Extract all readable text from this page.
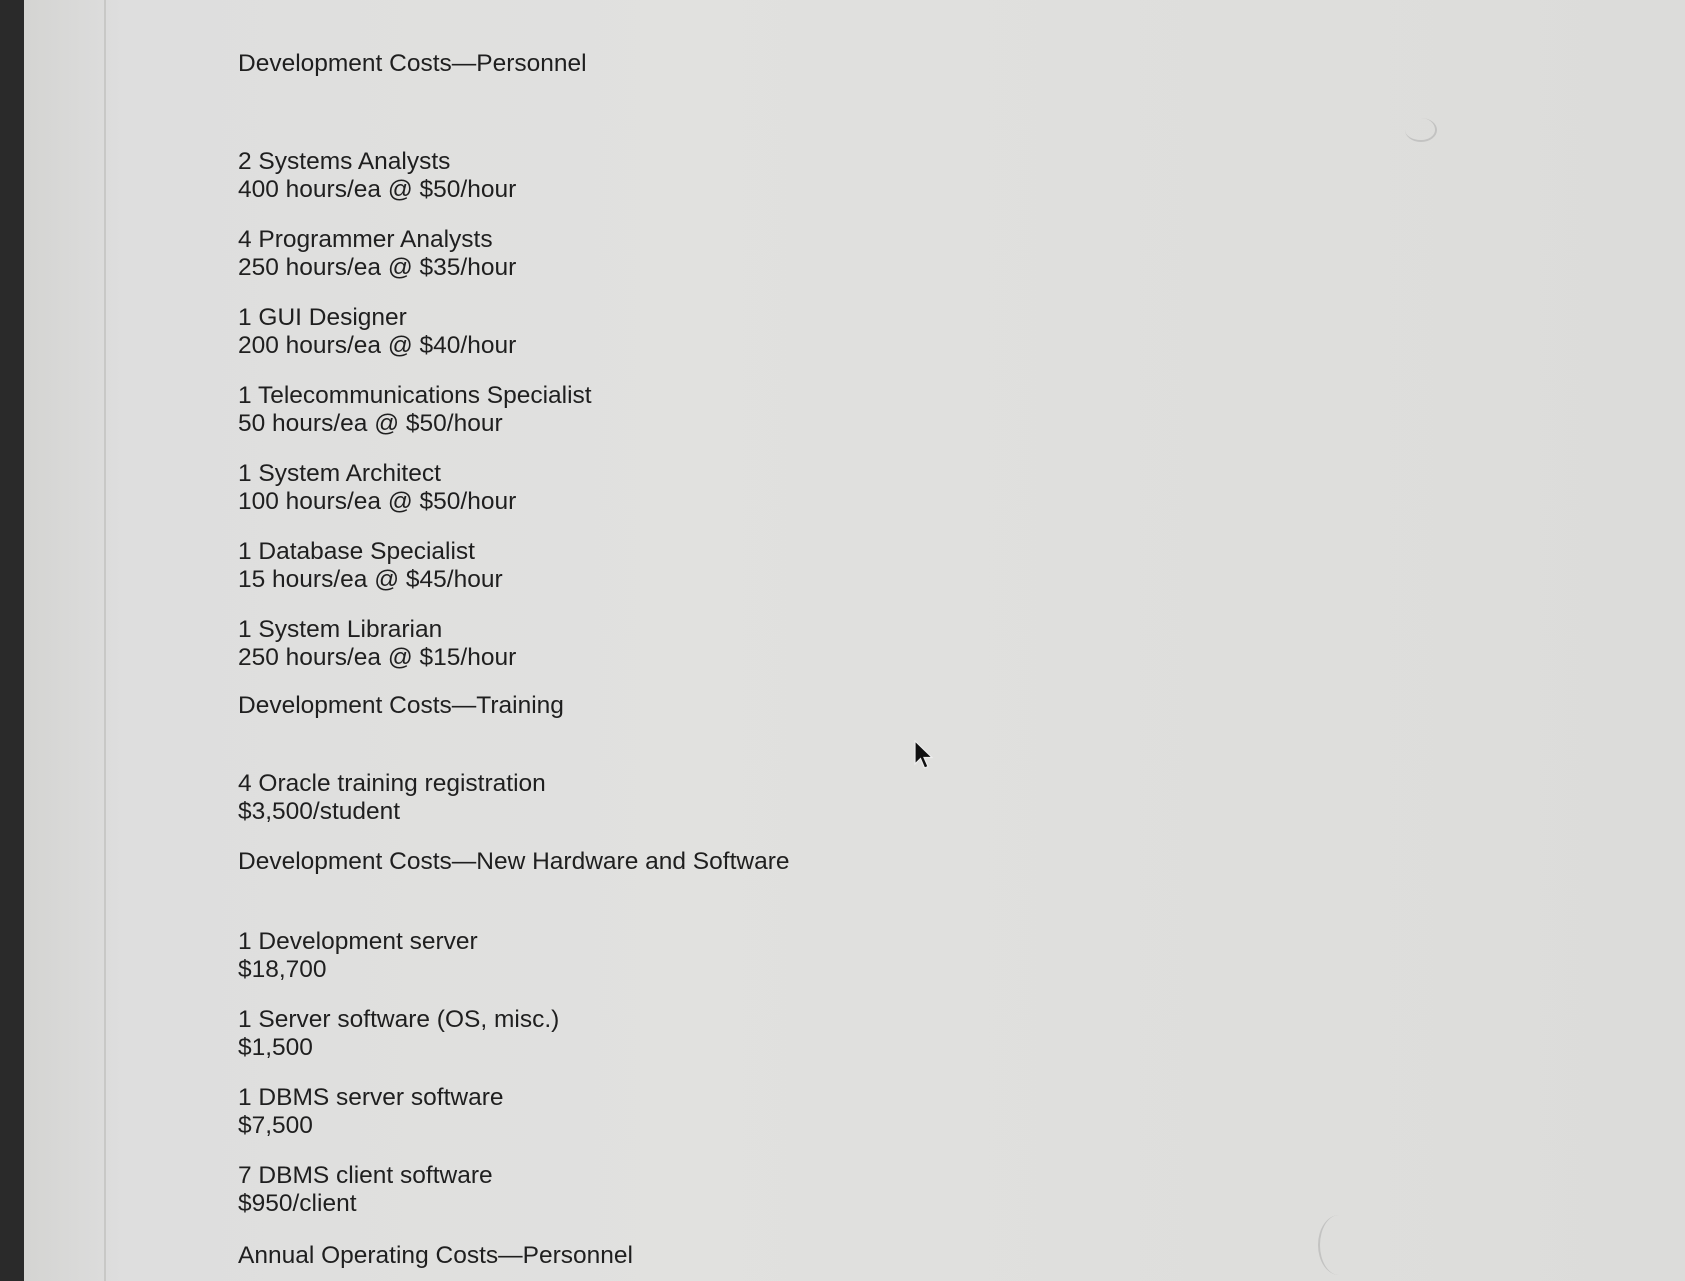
Development Costs—Personnel

2 Systems Analysts
400 hours/ea @ $50/hour
4 Programmer Analysts
250 hours/ea @ $35/hour
1 GUI Designer
200 hours/ea @ $40/hour
1 Telecommunications Specialist
50 hours/ea @ $50/hour
1 System Architect
100 hours/ea @ $50/hour
1 Database Specialist
15 hours/ea @ $45/hour
1 System Librarian
250 hours/ea @ $15/hour

Development Costs—Training

4 Oracle training registration
$3,500/student

Development Costs—New Hardware and Software

1 Development server
$18,700
1 Server software (OS, misc.)
$1,500
1 DBMS server software
$7,500
7 DBMS client software
$950/client

Annual Operating Costs—Personnel
